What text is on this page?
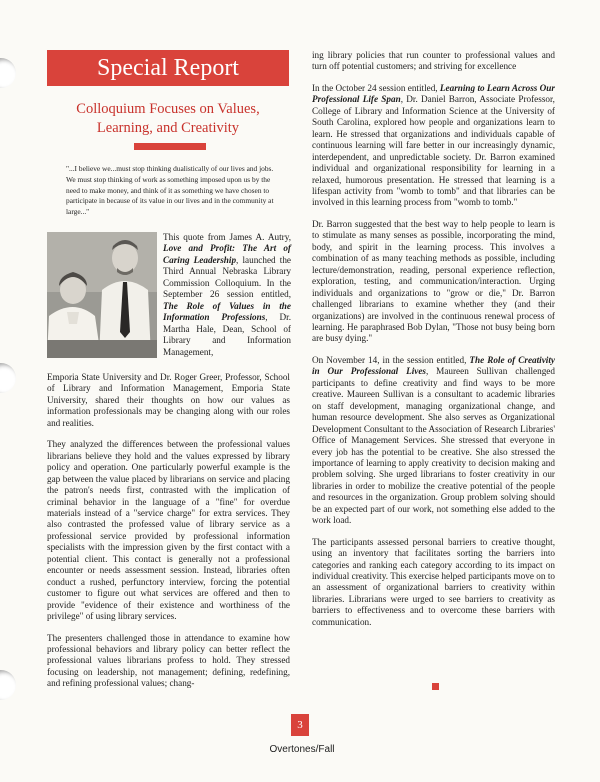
Special Report
Colloquium Focuses on Values, Learning, and Creativity
"...I believe we...must stop thinking dualistically of our lives and jobs. We must stop thinking of work as something imposed upon us by the need to make money, and think of it as something we have chosen to participate in because of its value in our lives and in the community at large..."
This quote from James A. Autry, Love and Profit: The Art of Caring Leadership, launched the Third Annual Nebraska Library Commission Colloquium. In the September 26 session entitled, The Role of Values in the Information Professions, Dr. Martha Hale, Dean, School of Library and Information Management,

Emporia State University and Dr. Roger Greer, Professor, School of Library and Information Management, Emporia State University, shared their thoughts on how our values as information professionals may be changing along with our roles and realities.

They analyzed the differences between the professional values librarians believe they hold and the values expressed by library policy and operation. One particularly powerful example is the gap between the value placed by librarians on service and placing the patron's needs first, contrasted with the implication of criminal behavior in the language of a "fine" for overdue materials instead of a "service charge" for extra services. They also contrasted the professed value of library service as a professional service provided by professional information specialists with the impression given by the first contact with a potential client. This contact is generally not a professional encounter or needs assessment session. Instead, libraries often conduct a rushed, perfunctory interview, forcing the potential customer to figure out what services are offered and then to provide "evidence of their existence and worthiness of the privilege" of using library services.

The presenters challenged those in attendance to examine how professional behaviors and library policy can better reflect the professional values librarians profess to hold. They stressed focusing on leadership, not management; defining, redefining, and refining professional values; chang-

ing library policies that run counter to professional values and turn off potential customers; and striving for excellence

In the October 24 session entitled, Learning to Learn Across Our Professional Life Span, Dr. Daniel Barron, Associate Professor, College of Library and Information Science at the University of South Carolina, explored how people and organizations learn to learn. He stressed that organizations and individuals capable of continuous learning will fare better in our increasingly dynamic, interdependent, and unpredictable society. Dr. Barron examined individual and organizational responsibility for learning in a relaxed, humorous presentation. He stressed that learning is a lifespan activity from "womb to tomb" and that libraries can be involved in this learning process from "womb to tomb."

Dr. Barron suggested that the best way to help people to learn is to stimulate as many senses as possible, incorporating the mind, body, and spirit in the learning process. This involves a combination of as many teaching methods as possible, including lecture/demonstration, reading, personal experience reflection, exploration, testing, and communication/interaction. Urging individuals and organizations to "grow or die," Dr. Barron challenged librarians to examine whether they (and their organizations) are involved in the continuous renewal process of learning. He paraphrased Bob Dylan, "Those not busy being born are busy dying."

On November 14, in the session entitled, The Role of Creativity in Our Professional Lives, Maureen Sullivan challenged participants to define creativity and find ways to be more creative. Maureen Sullivan is a consultant to academic libraries on staff development, managing organizational change, and human resource development. She also serves as Organizational Development Consultant to the Association of Research Libraries' Office of Management Services. She stressed that everyone in every job has the potential to be creative. She also stressed the importance of learning to apply creativity to decision making and problem solving. She urged librarians to foster creativity in our libraries in order to mobilize the creative potential of the people and resources in the organization. Group problem solving should be an expected part of our work, not something else added to the work load.

The participants assessed personal barriers to creative thought, using an inventory that facilitates sorting the barriers into categories and ranking each category according to its impact on individual creativity. This exercise helped participants move on to an assessment of organizational barriers to creativity within libraries. Librarians were urged to see barriers to creativity as barriers to effectiveness and to overcome these barriers with communication.

3
Overtones/Fall
